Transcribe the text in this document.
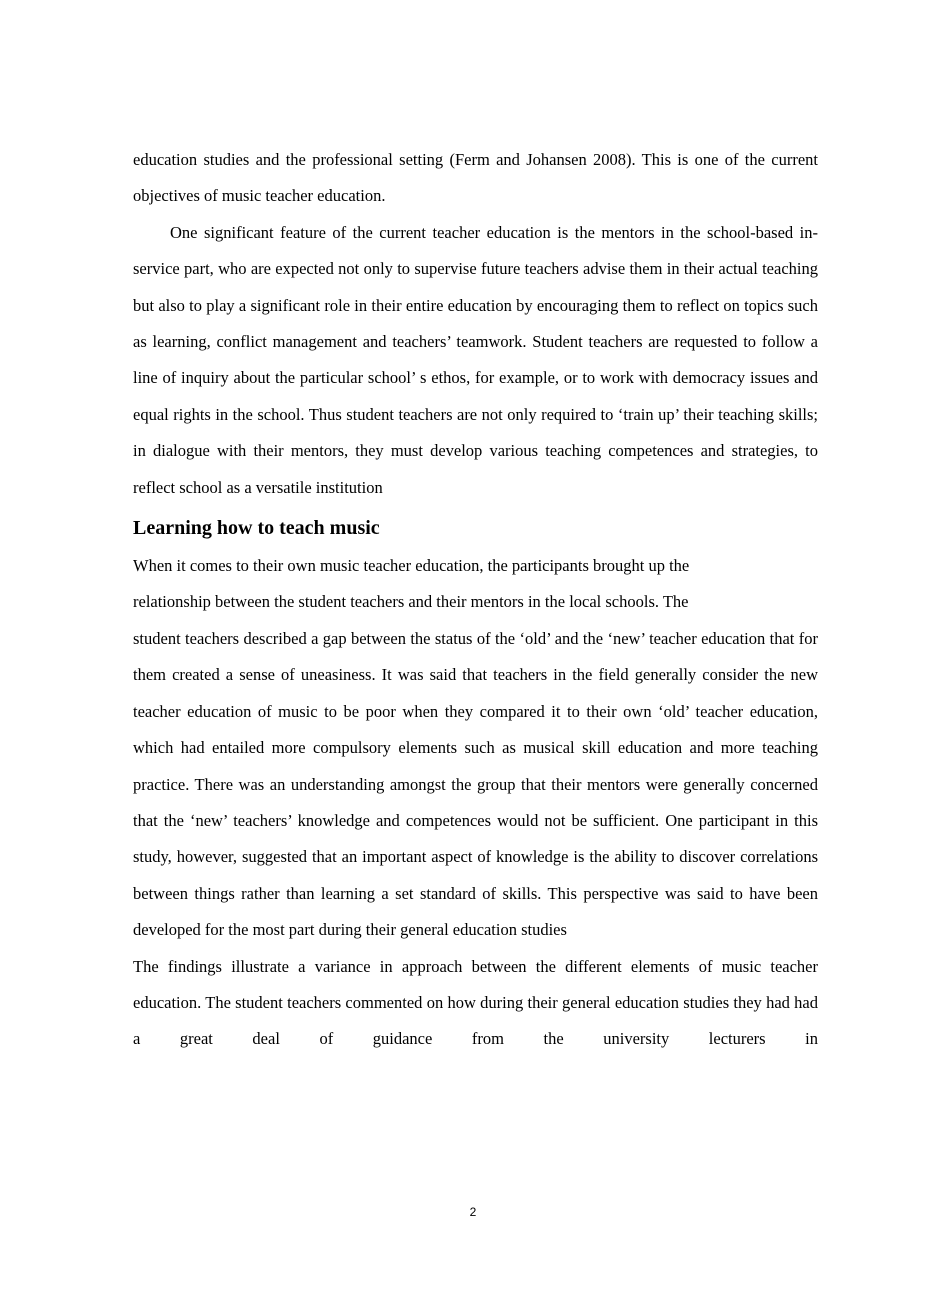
education studies and the professional setting (Ferm and Johansen 2008). This is one of the current objectives of music teacher education.

One significant feature of the current teacher education is the mentors in the school-based in-service part, who are expected not only to supervise future teachers advise them in their actual teaching but also to play a significant role in their entire education by encouraging them to reflect on topics such as learning, conflict management and teachers’ teamwork. Student teachers are requested to follow a line of inquiry about the particular school’ s ethos, for example, or to work with democracy issues and equal rights in the school. Thus student teachers are not only required to ‘train up’ their teaching skills; in dialogue with their mentors, they must develop various teaching competences and strategies, to reflect school as a versatile institution

Learning how to teach music

When it comes to their own music teacher education, the participants brought up the

relationship between the student teachers and their mentors in the local schools. The

student teachers described a gap between the status of the ‘old’ and the ‘new’ teacher education that for them created a sense of uneasiness. It was said that teachers in the field generally consider the new teacher education of music to be poor when they compared it to their own ‘old’ teacher education, which had entailed more compulsory elements such as musical skill education and more teaching practice. There was an understanding amongst the group that their mentors were generally concerned that the ‘new’ teachers’ knowledge and competences would not be sufficient. One participant in this study, however, suggested that an important aspect of knowledge is the ability to discover correlations between things rather than learning a set standard of skills. This perspective was said to have been developed for the most part during their general education studies

The findings illustrate a variance in approach between the different elements of music teacher education. The student teachers commented on how during their general education studies they had had a great deal of guidance from the university lecturers in

2
